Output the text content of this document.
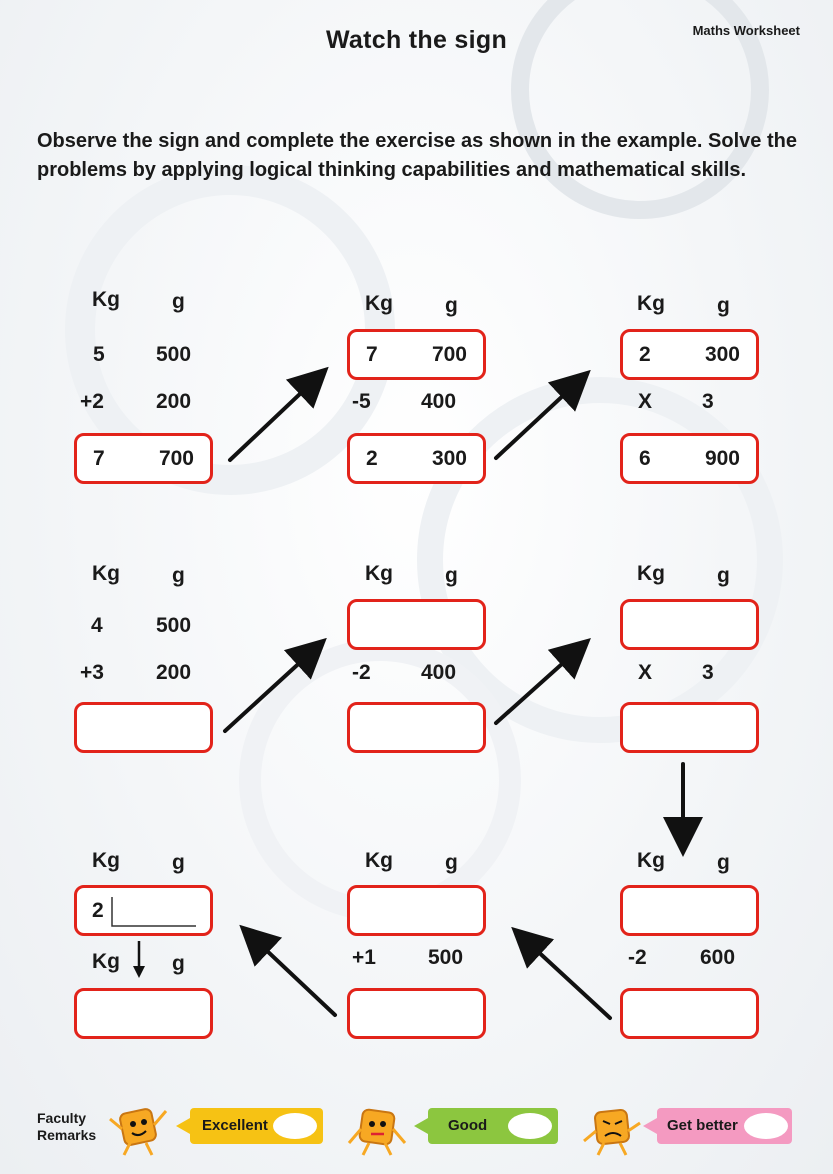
Watch the sign	Maths Worksheet
Observe the sign and complete the exercise as shown in the example. Solve the problems by applying logical thinking capabilities and mathematical skills.
Kg g
5 500
+2 200
7	700
Kg g
7	700
-5 400
2	300
Kg g
2	300
X 3
6	900
Kg g
4	500
+3 200
Kg g
-2 400
Kg g
X 3
Kg g
2
Kg g
Kg g
+1 500
Kg g
-2	600
Faculty
Remarks
Excellent	Good	Get better
